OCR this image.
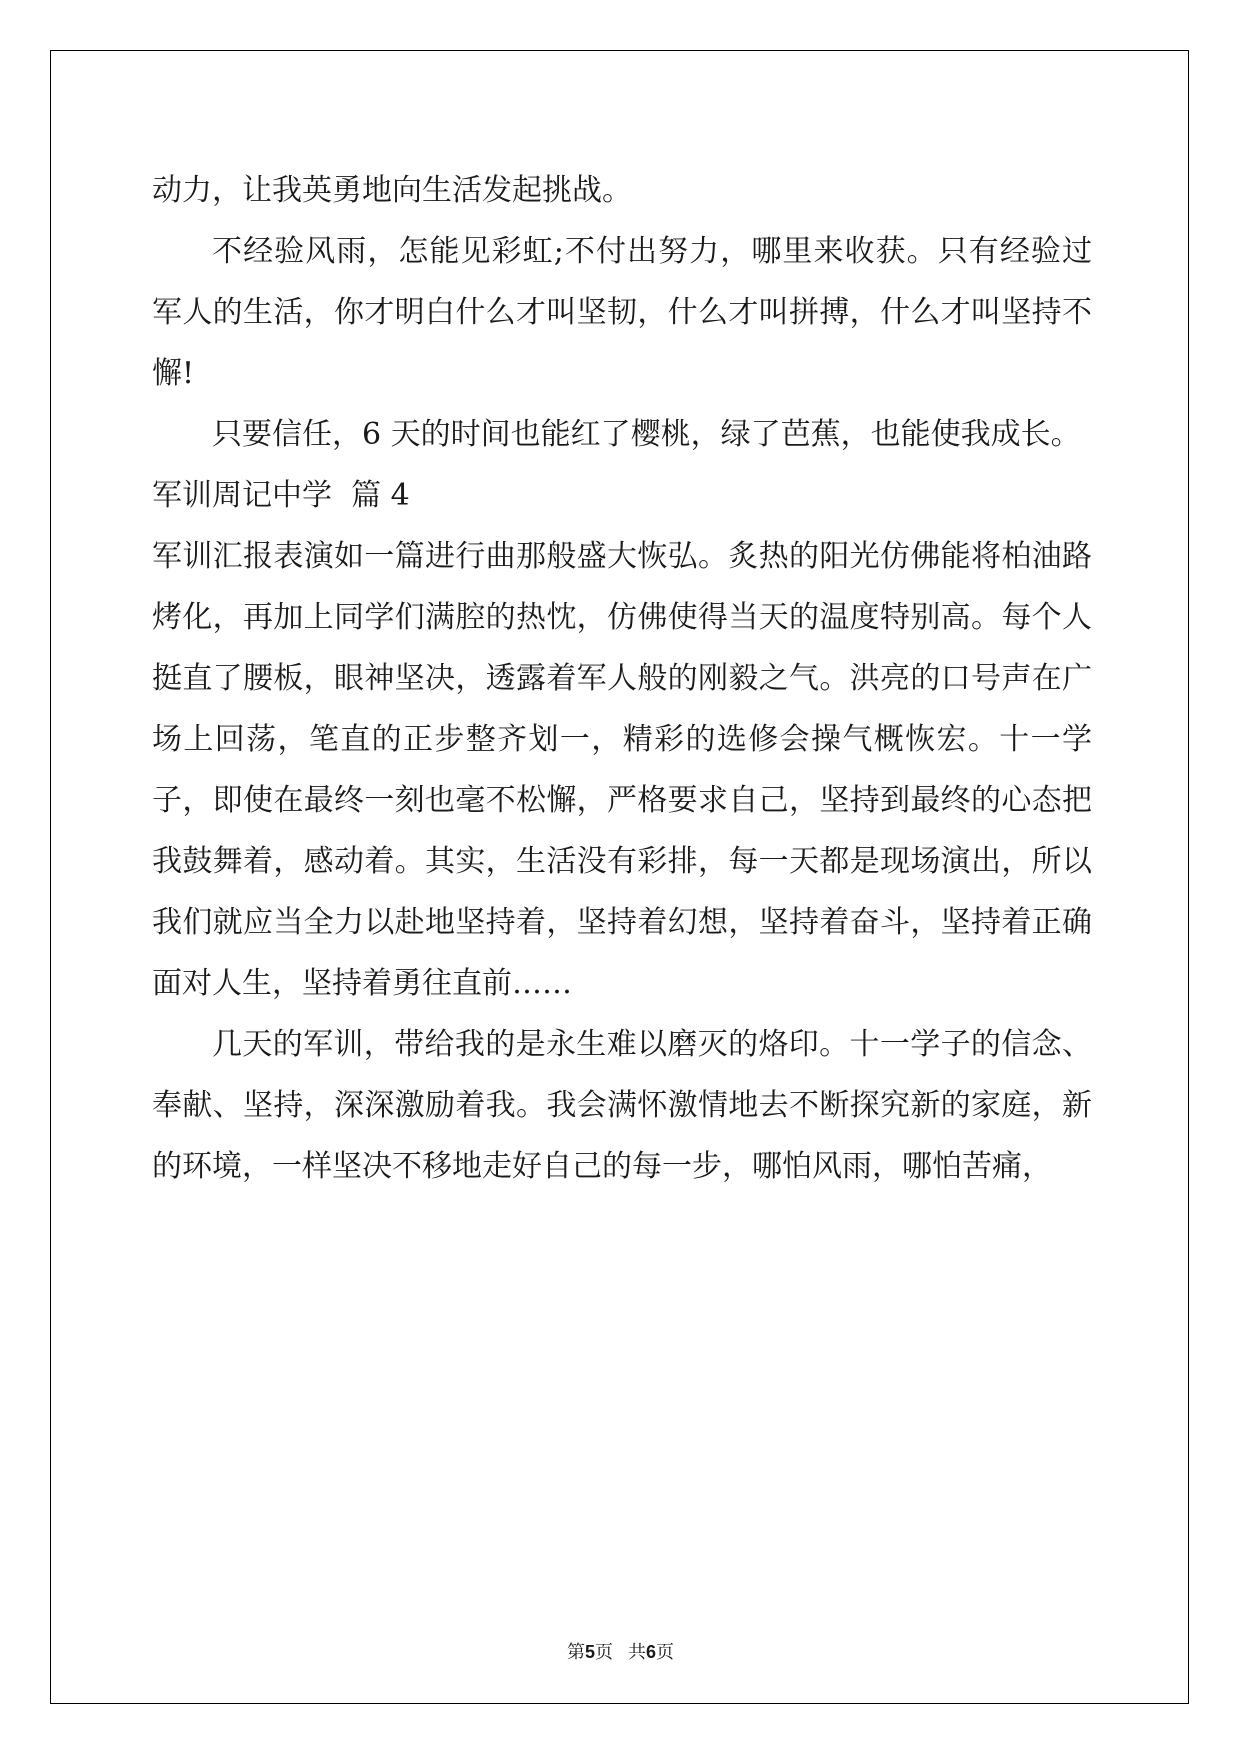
动力，让我英勇地向生活发起挑战。

不经验风雨，怎能见彩虹;不付出努力，哪里来收获。只有经验过军人的生活，你才明白什么才叫坚韧，什么才叫拼搏，什么才叫坚持不懈!

只要信任，6 天的时间也能红了樱桃，绿了芭蕉，也能使我成长。

军训周记中学  篇 4

军训汇报表演如一篇进行曲那般盛大恢弘。炙热的阳光仿佛能将柏油路烤化，再加上同学们满腔的热忱，仿佛使得当天的温度特别高。每个人挺直了腰板，眼神坚决，透露着军人般的刚毅之气。洪亮的口号声在广场上回荡，笔直的正步整齐划一，精彩的选修会操气概恢宏。十一学子，即使在最终一刻也毫不松懈，严格要求自己，坚持到最终的心态把我鼓舞着，感动着。其实，生活没有彩排，每一天都是现场演出，所以我们就应当全力以赴地坚持着，坚持着幻想，坚持着奋斗，坚持着正确面对人生，坚持着勇往直前……

几天的军训，带给我的是永生难以磨灭的烙印。十一学子的信念、奉献、坚持，深深激励着我。我会满怀激情地去不断探究新的家庭，新的环境，一样坚决不移地走好自己的每一步，哪怕风雨，哪怕苦痛，

第5页 共6页
